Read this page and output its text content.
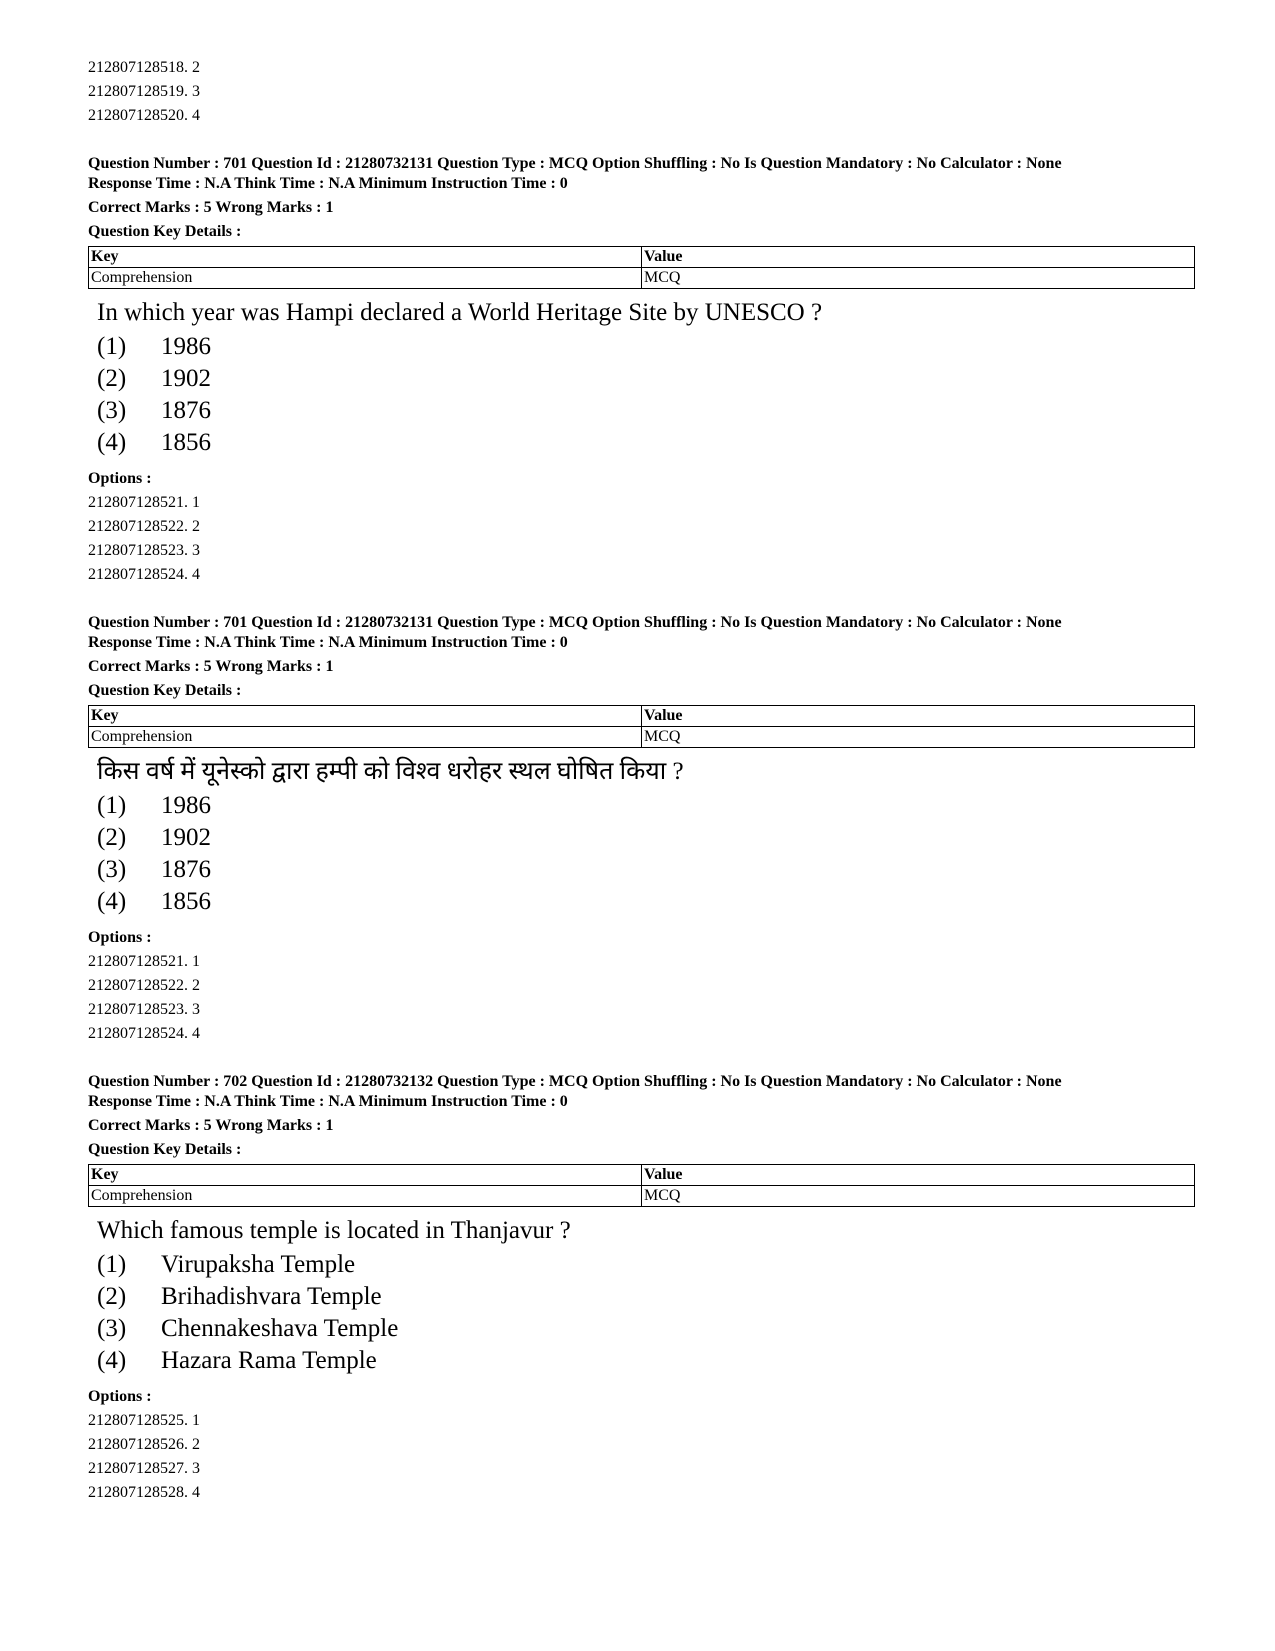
212807128518. 2
212807128519. 3
212807128520. 4
Question Number : 701 Question Id : 21280732131 Question Type : MCQ Option Shuffling : No Is Question Mandatory : No Calculator : None
Response Time : N.A Think Time : N.A Minimum Instruction Time : 0
Correct Marks : 5 Wrong Marks : 1
Question Key Details :
Key	Value
Comprehension	MCQ
In which year was Hampi declared a World Heritage Site by UNESCO ?
(1) 1986
(2) 1902
(3) 1876
(4) 1856
Options :
212807128521. 1
212807128522. 2
212807128523. 3
212807128524. 4
Question Number : 701 Question Id : 21280732131 Question Type : MCQ Option Shuffling : No Is Question Mandatory : No Calculator : None
Response Time : N.A Think Time : N.A Minimum Instruction Time : 0
Correct Marks : 5 Wrong Marks : 1
Question Key Details :
Key	Value
Comprehension	MCQ
किस वर्ष में यूनेस्को द्वारा हम्पी को विश्व धरोहर स्थल घोषित किया ?
(1) 1986
(2) 1902
(3) 1876
(4) 1856
Options :
212807128521. 1
212807128522. 2
212807128523. 3
212807128524. 4
Question Number : 702 Question Id : 21280732132 Question Type : MCQ Option Shuffling : No Is Question Mandatory : No Calculator : None
Response Time : N.A Think Time : N.A Minimum Instruction Time : 0
Correct Marks : 5 Wrong Marks : 1
Question Key Details :
Key	Value
Comprehension	MCQ
Which famous temple is located in Thanjavur ?
(1) Virupaksha Temple
(2) Brihadishvara Temple
(3) Chennakeshava Temple
(4) Hazara Rama Temple
Options :
212807128525. 1
212807128526. 2
212807128527. 3
212807128528. 4
